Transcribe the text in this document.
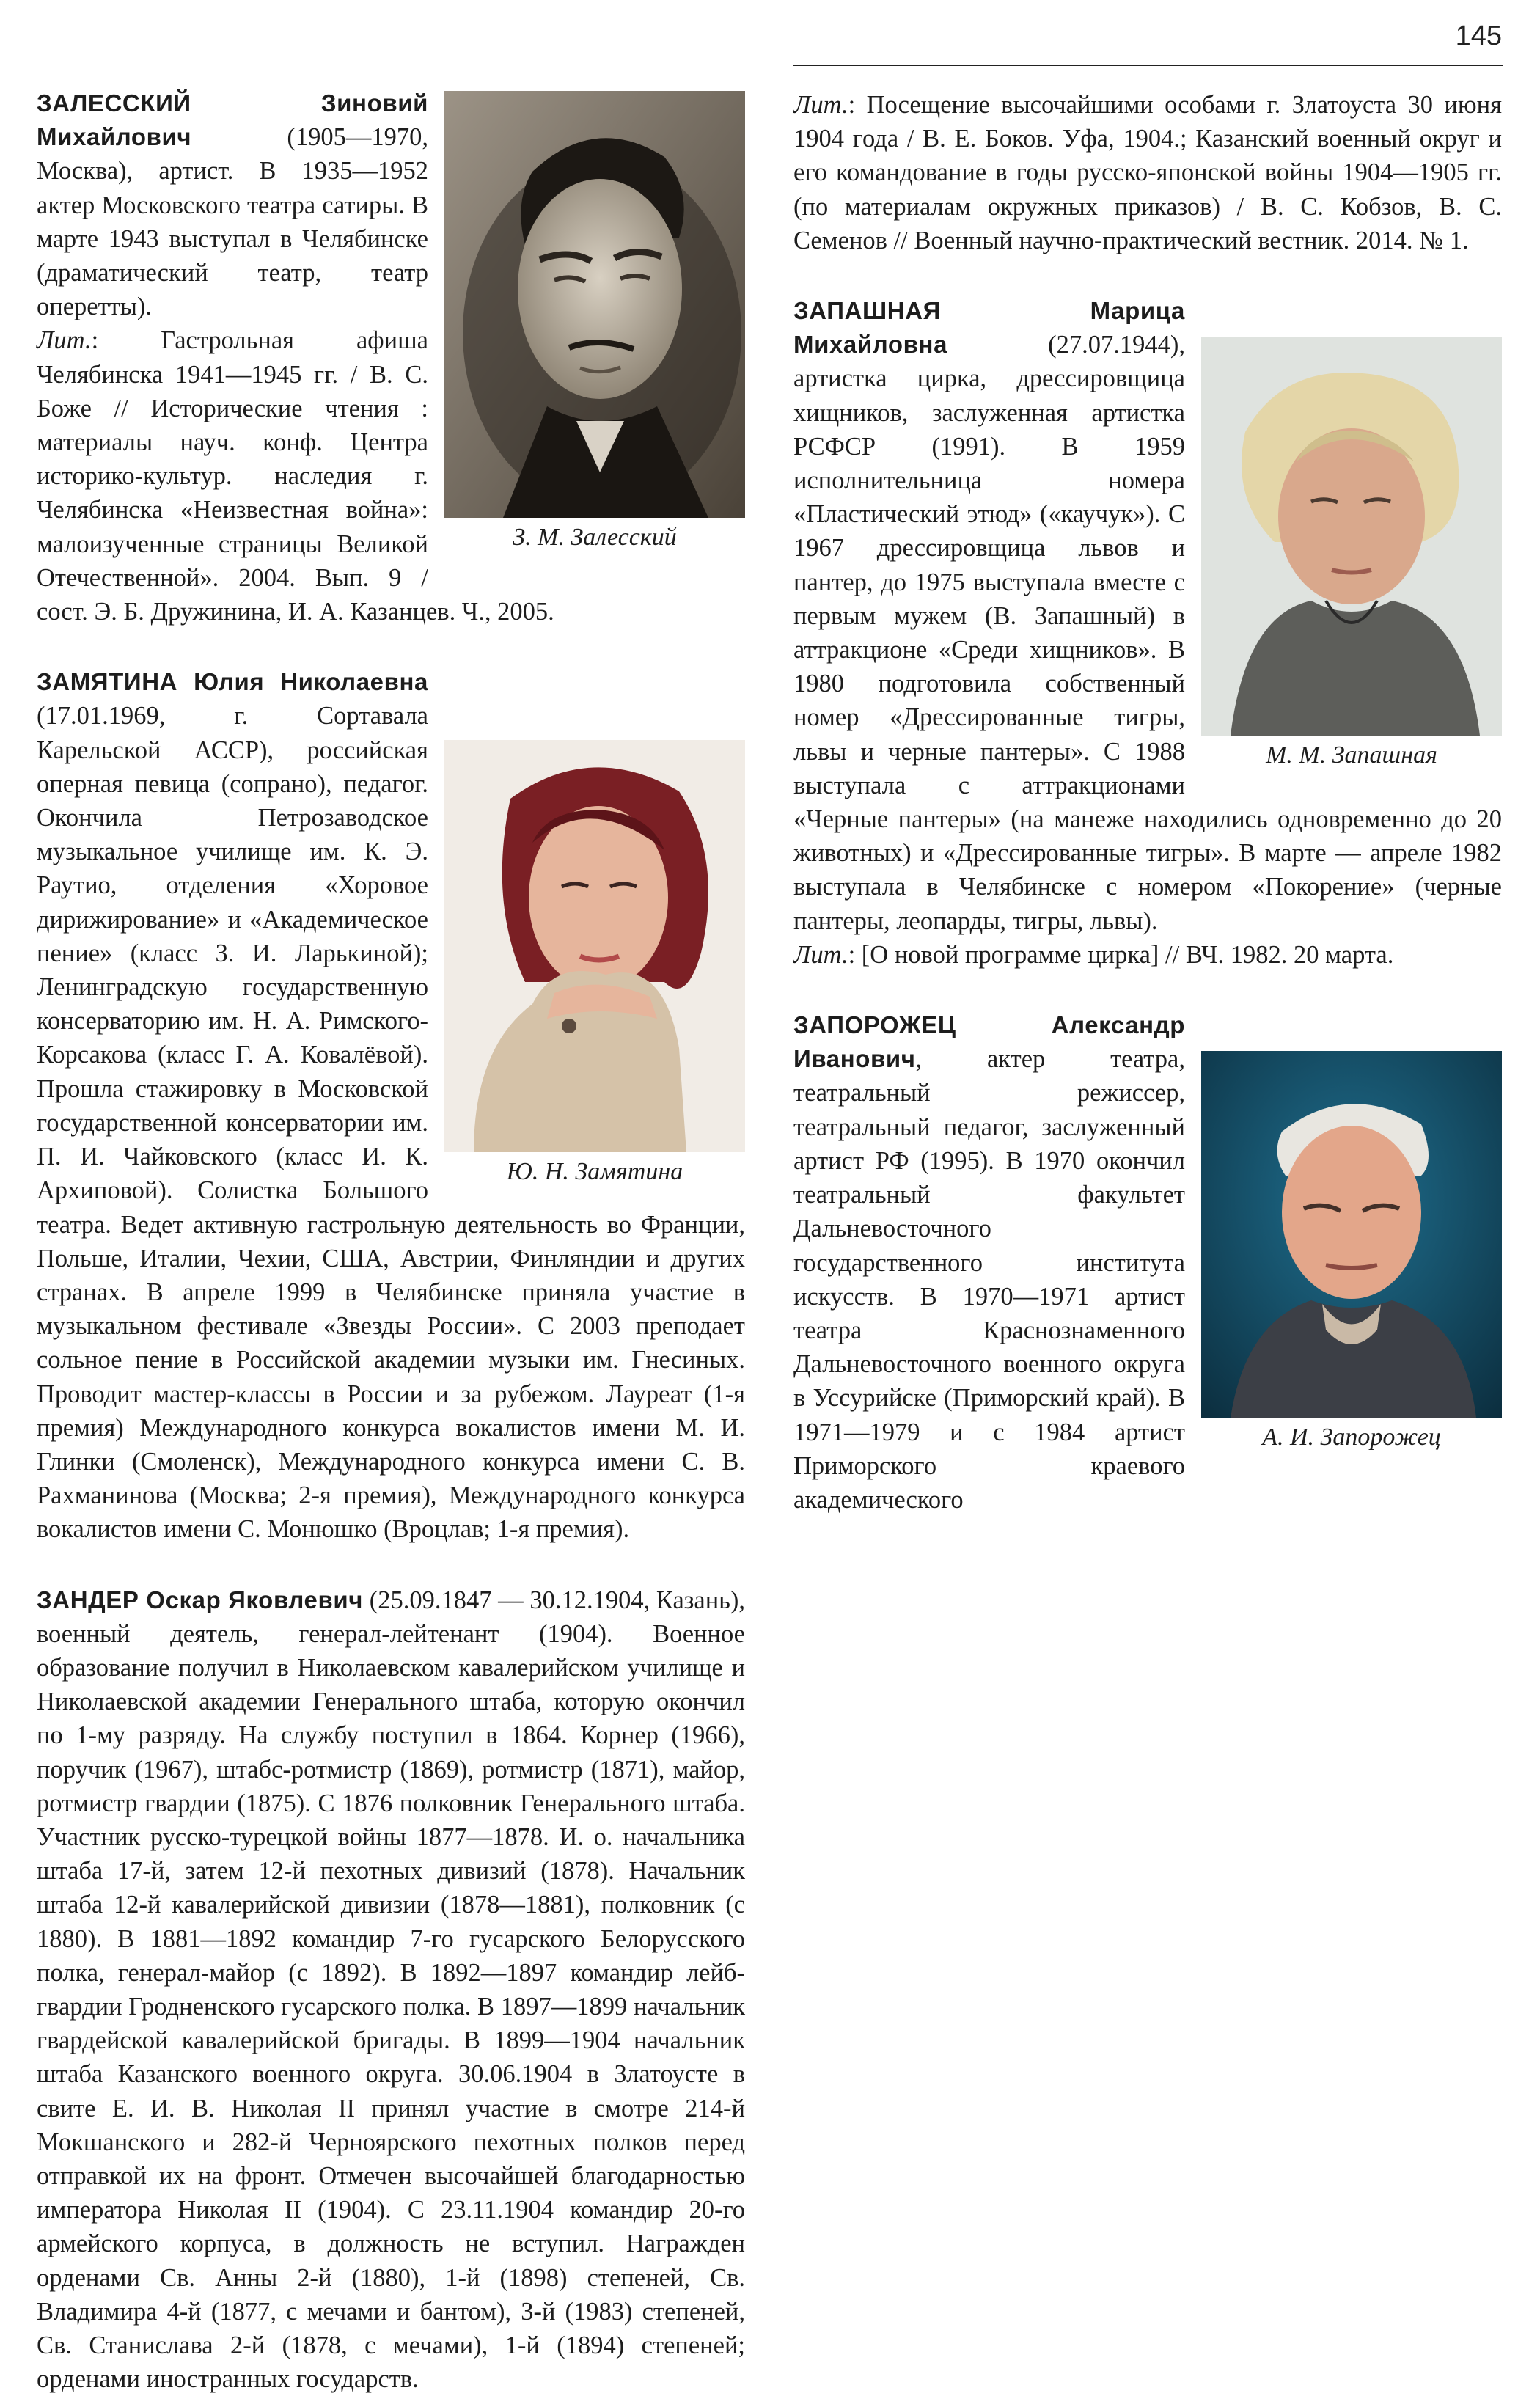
145
З. М. Залесский

ЗАЛЕССКИЙ Зиновий Михайлович (1905—1970, Москва), артист. В 1935—1952 актер Московского театра сатиры. В марте 1943 выступал в Челябинске (драматический театр, театр оперетты).

Лит.: Гастрольная афиша Челябинска 1941—1945 гг. / В. С. Боже // Исторические чтения : материалы науч. конф. Центра историко-культур. наследия г. Челябинска «Неизвестная война»: малоизученные страницы Великой Отечественной». 2004. Вып. 9 / сост. Э. Б. Дружинина, И. А. Казанцев. Ч., 2005.

Ю. Н. Замятина

ЗАМЯТИНА Юлия Николаевна (17.01.1969, г. Сортавала Карельской АССР), российская оперная певица (сопрано), педагог. Окончила Петрозаводское музыкальное училище им. К. Э. Раутио, отделения «Хоровое дирижирование» и «Академическое пение» (класс З. И. Ларькиной); Ленинградскую государственную консерваторию им. Н. А. Римского-Корсакова (класс Г. А. Ковалёвой). Прошла стажировку в Московской государственной консерватории им. П. И. Чайковского (класс И. К. Архиповой). Солистка Большого театра. Ведет активную гастрольную деятельность во Франции, Польше, Италии, Чехии, США, Австрии, Финляндии и других странах. В апреле 1999 в Челябинске приняла участие в музыкальном фестивале «Звезды России». С 2003 преподает сольное пение в Российской академии музыки им. Гнесиных. Проводит мастер-классы в России и за рубежом. Лауреат (1-я премия) Международного конкурса вокалистов имени М. И. Глинки (Смоленск), Международного конкурса имени С. В. Рахманинова (Москва; 2-я премия), Международного конкурса вокалистов имени С. Монюшко (Вроцлав; 1-я премия).

ЗАНДЕР Оскар Яковлевич (25.09.1847 — 30.12.1904, Казань), военный деятель, генерал-лейтенант (1904). Военное образование получил в Николаевском кавалерийском училище и Николаевской академии Генерального штаба, которую окончил по 1-му разряду. На службу поступил в 1864. Корнер (1966), поручик (1967), штабс-ротмистр (1869), ротмистр (1871), майор, ротмистр гвардии (1875). С 1876 полковник Генерального штаба. Участник русско-турецкой войны 1877—1878. И. о. начальника штаба 17-й, затем 12-й пехотных дивизий (1878). Начальник штаба 12-й кавалерийской дивизии (1878—1881), полковник (с 1880). В 1881—1892 командир 7-го гусарского Белорусского полка, генерал-майор (с 1892). В 1892—1897 командир лейб-гвардии Гродненского гусарского полка. В 1897—1899 начальник гвардейской кавалерийской бригады. В 1899—1904 начальник штаба Казанского военного округа. 30.06.1904 в Златоусте в свите Е. И. В. Николая II принял участие в смотре 214-й Мокшанского и 282-й Черноярского пехотных полков перед отправкой их на фронт. Отмечен высочайшей благодарностью императора Николая II (1904). С 23.11.1904 командир 20-го армейского корпуса, в должность не вступил. Награжден орденами Св. Анны 2-й (1880), 1-й (1898) степеней, Св. Владимира 4-й (1877, с мечами и бантом), 3-й (1983) степеней, Св. Станислава 2-й (1878, с мечами), 1-й (1894) степеней; орденами иностранных государств.

Лит.: Посещение высочайшими особами г. Златоуста 30 июня 1904 года / В. Е. Боков. Уфа, 1904.; Казанский военный округ и его командование в годы русско-японской войны 1904—1905 гг. (по материалам окружных приказов) / В. С. Кобзов, В. С. Семенов // Военный научно-практический вестник. 2014. № 1.

М. М. Запашная

ЗАПАШНАЯ Марица Михайловна (27.07.1944), артистка цирка, дрессировщица хищников, заслуженная артистка РСФСР (1991). В 1959 исполнительница номера «Пластический этюд» («каучук»). С 1967 дрессировщица львов и пантер, до 1975 выступала вместе с первым мужем (В. Запашный) в аттракционе «Среди хищников». В 1980 подготовила собственный номер «Дрессированные тигры, львы и черные пантеры». С 1988 выступала с аттракционами «Черные пантеры» (на манеже находились одновременно до 20 животных) и «Дрессированные тигры». В марте — апреле 1982 выступала в Челябинске с номером «Покорение» (черные пантеры, леопарды, тигры, львы).

Лит.: [О новой программе цирка] // ВЧ. 1982. 20 марта.

А. И. Запорожец

ЗАПОРОЖЕЦ Александр Иванович, актер театра, театральный режиссер, театральный педагог, заслуженный артист РФ (1995). В 1970 окончил театральный факультет Дальневосточного государственного института искусств. В 1970—1971 артист театра Краснознаменного Дальневосточного военного округа в Уссурийске (Приморский край). В 1971—1979 и с 1984 артист Приморского краевого академического
